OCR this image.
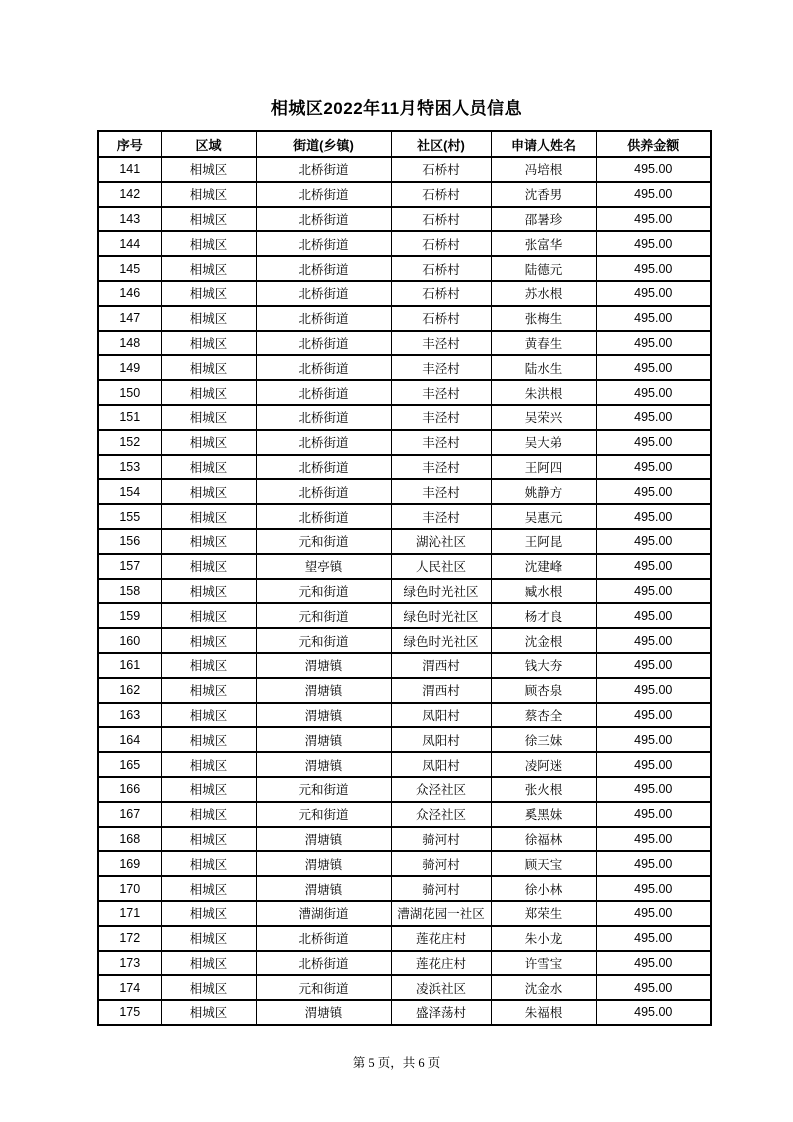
相城区2022年11月特困人员信息
序号	区域	街道(乡镇)	社区(村)	申请人姓名	供养金额
141	相城区	北桥街道	石桥村	冯培根	495.00
142	相城区	北桥街道	石桥村	沈香男	495.00
143	相城区	北桥街道	石桥村	邵暑珍	495.00
144	相城区	北桥街道	石桥村	张富华	495.00
145	相城区	北桥街道	石桥村	陆德元	495.00
146	相城区	北桥街道	石桥村	苏水根	495.00
147	相城区	北桥街道	石桥村	张梅生	495.00
148	相城区	北桥街道	丰泾村	黄春生	495.00
149	相城区	北桥街道	丰泾村	陆水生	495.00
150	相城区	北桥街道	丰泾村	朱洪根	495.00
151	相城区	北桥街道	丰泾村	吴荣兴	495.00
152	相城区	北桥街道	丰泾村	吴大弟	495.00
153	相城区	北桥街道	丰泾村	王阿四	495.00
154	相城区	北桥街道	丰泾村	姚静方	495.00
155	相城区	北桥街道	丰泾村	吴惠元	495.00
156	相城区	元和街道	湖沁社区	王阿昆	495.00
157	相城区	望亭镇	人民社区	沈建峰	495.00
158	相城区	元和街道	绿色时光社区	臧水根	495.00
159	相城区	元和街道	绿色时光社区	杨才良	495.00
160	相城区	元和街道	绿色时光社区	沈金根	495.00
161	相城区	渭塘镇	渭西村	钱大夯	495.00
162	相城区	渭塘镇	渭西村	顾杏泉	495.00
163	相城区	渭塘镇	凤阳村	蔡杏全	495.00
164	相城区	渭塘镇	凤阳村	徐三妹	495.00
165	相城区	渭塘镇	凤阳村	凌阿迷	495.00
166	相城区	元和街道	众泾社区	张火根	495.00
167	相城区	元和街道	众泾社区	奚黑妹	495.00
168	相城区	渭塘镇	骑河村	徐福林	495.00
169	相城区	渭塘镇	骑河村	顾天宝	495.00
170	相城区	渭塘镇	骑河村	徐小林	495.00
171	相城区	漕湖街道	漕湖花园一社区	郑荣生	495.00
172	相城区	北桥街道	莲花庄村	朱小龙	495.00
173	相城区	北桥街道	莲花庄村	许雪宝	495.00
174	相城区	元和街道	凌浜社区	沈金水	495.00
175	相城区	渭塘镇	盛泽荡村	朱福根	495.00
第 5 页，共 6 页
